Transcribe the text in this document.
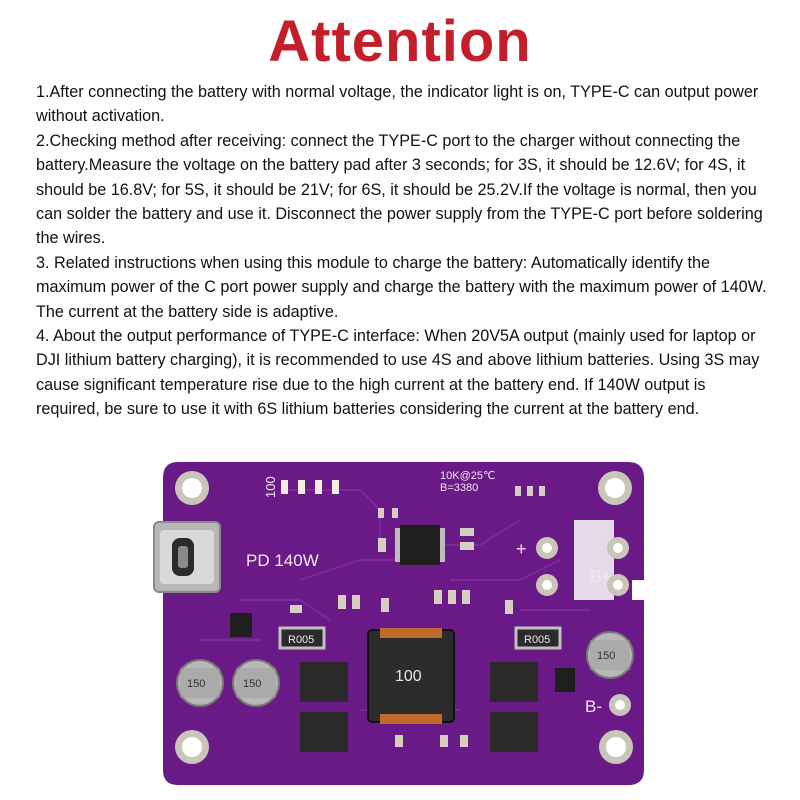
Attention

1.After connecting the battery with normal voltage, the indicator light is on, TYPE-C can output power without activation.

2.Checking method after receiving: connect the TYPE-C port to the charger without connecting the battery.Measure the voltage on the battery pad after 3 seconds; for 3S, it should be 12.6V; for 4S, it should be 16.8V; for 5S, it should be 21V; for 6S, it should be 25.2V.If the voltage is normal, then you can solder the battery and use it. Disconnect the power supply from the TYPE-C port before soldering the wires.

3. Related instructions when using this module to charge the battery: Automatically identify the maximum power of the C port power supply and charge the battery with the maximum power of 140W. The current at the battery side is adaptive.

4. About the output performance of TYPE-C interface: When 20V5A output (mainly used for laptop or DJI lithium battery charging), it is recommended to use 4S and above lithium batteries. Using 3S may cause significant temperature rise due to the high current at the battery end. If 140W output is required, be sure to use it with 6S lithium batteries considering the current at the battery end.

100
10K@25℃
B=3380
PD 140W
R005	R005
100
150	150
150
+
B+
B-
